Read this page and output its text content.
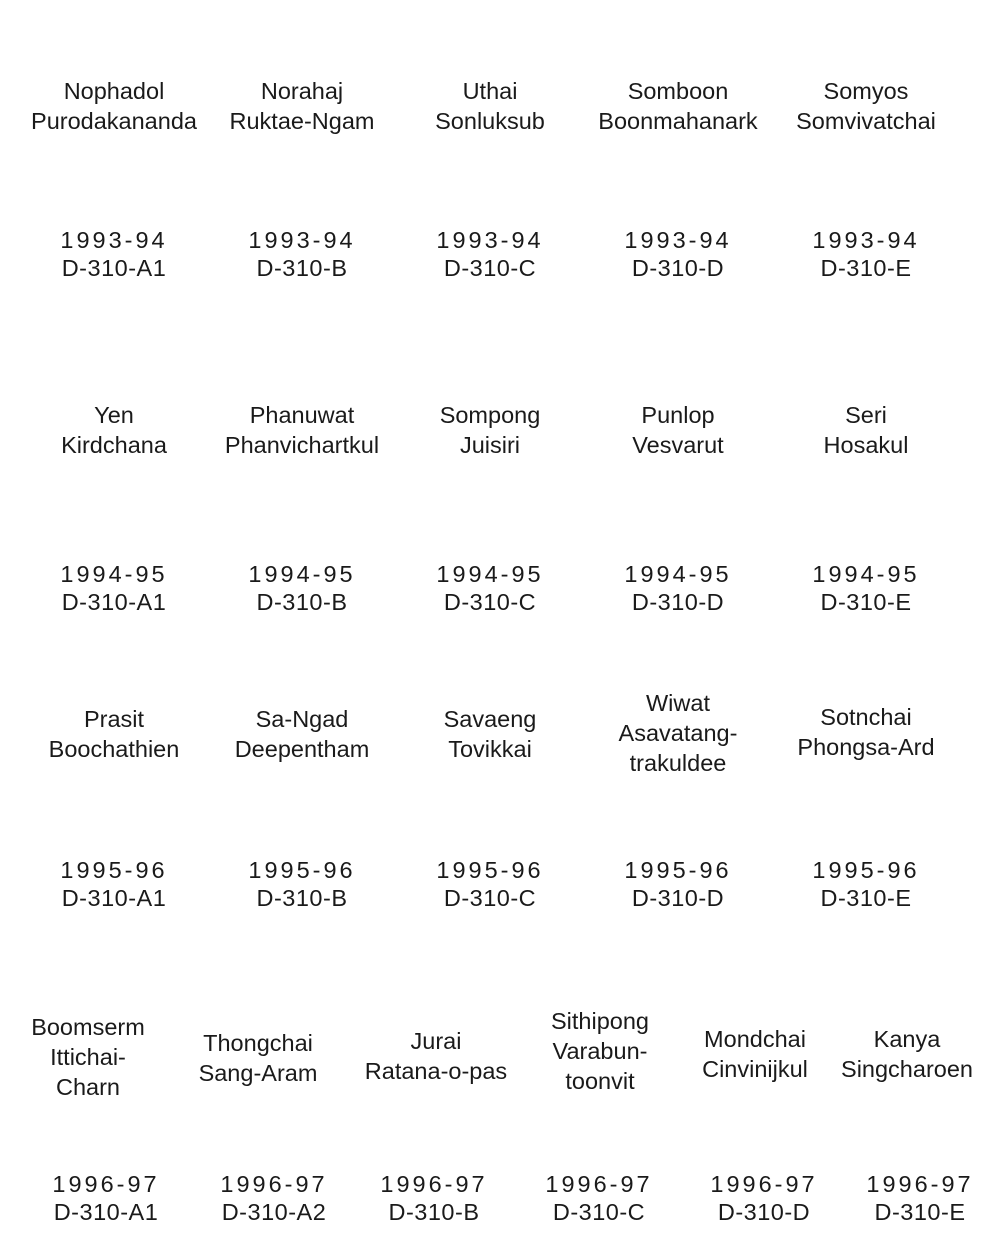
Nophadol
Purodakananda
Norahaj
Ruktae-Ngam
Uthai
Sonluksub
Somboon
Boonmahanark
Somyos
Somvivatchai
1993-94
D-310-A1
1993-94
D-310-B
1993-94
D-310-C
1993-94
D-310-D
1993-94
D-310-E
Yen
Kirdchana
Phanuwat
Phanvichartkul
Sompong
Juisiri
Punlop
Vesvarut
Seri
Hosakul
1994-95
D-310-A1
1994-95
D-310-B
1994-95
D-310-C
1994-95
D-310-D
1994-95
D-310-E
Prasit
Boochathien
Sa-Ngad
Deepentham
Savaeng
Tovikkai
Wiwat
Asavatang-
trakuldee
Sotnchai
Phongsa-Ard
1995-96
D-310-A1
1995-96
D-310-B
1995-96
D-310-C
1995-96
D-310-D
1995-96
D-310-E
Boomserm
Ittichai-
Charn
Thongchai
Sang-Aram
Jurai
Ratana-o-pas
Sithipong
Varabun-
toonvit
Mondchai
Cinvinijkul
Kanya
Singcharoen
1996-97
D-310-A1
1996-97
D-310-A2
1996-97
D-310-B
1996-97
D-310-C
1996-97
D-310-D
1996-97
D-310-E
